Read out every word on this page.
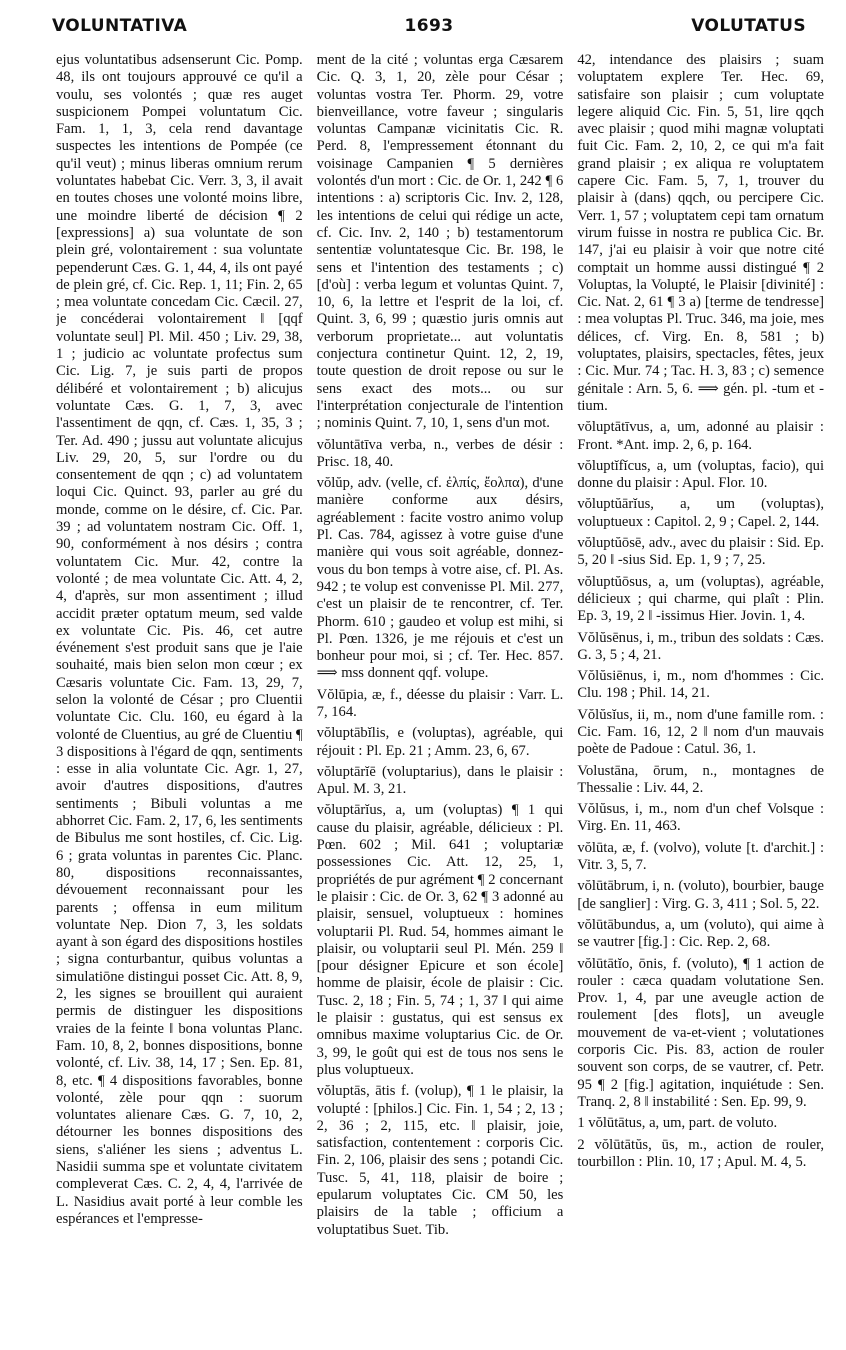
VOLUNTATIVA	1693	VOLUTATUS

ejus voluntatibus adsenserunt Cic. Pomp. 48, ils ont toujours approuvé ce qu'il a voulu, ses volontés ; quæ res auget suspicionem Pompei voluntatum Cic. Fam. 1, 1, 3, cela rend davantage suspectes les intentions de Pompée (ce qu'il veut) ; minus liberas omnium rerum voluntates habebat Cic. Verr. 3, 3, il avait en toutes choses une volonté moins libre, une moindre liberté de décision ¶ 2 [expressions] a) sua voluntate de son plein gré, volontairement : sua voluntate pependerunt Cæs. G. 1, 44, 4, ils ont payé de plein gré, cf. Cic. Rep. 1, 11; Fin. 2, 65 ; mea voluntate concedam Cic. Cæcil. 27, je concéderai volontairement ‖ [qqf voluntate seul] Pl. Mil. 450 ; Liv. 29, 38, 1 ; judicio ac voluntate profectus sum Cic. Lig. 7, je suis parti de propos délibéré et volontairement ; b) alicujus voluntate Cæs. G. 1, 7, 3, avec l'assentiment de qqn, cf. Cæs. 1, 35, 3 ; Ter. Ad. 490 ; jussu aut voluntate alicujus Liv. 29, 20, 5, sur l'ordre ou du consentement de qqn ; c) ad voluntatem loqui Cic. Quinct. 93, parler au gré du monde, comme on le désire, cf. Cic. Par. 39 ; ad voluntatem nostram Cic. Off. 1, 90, conformément à nos désirs ; contra voluntatem Cic. Mur. 42, contre la volonté ; de mea voluntate Cic. Att. 4, 2, 4, d'après, sur mon assentiment ; illud accidit præter optatum meum, sed valde ex voluntate Cic. Pis. 46, cet autre événement s'est produit sans que je l'aie souhaité, mais bien selon mon cœur ; ex Cæsaris voluntate Cic. Fam. 13, 29, 7, selon la volonté de César ; pro Cluentii voluntate Cic. Clu. 160, eu égard à la volonté de Cluentius, au gré de Cluentiu ¶ 3 dispositions à l'égard de qqn, sentiments : esse in alia voluntate Cic. Agr. 1, 27, avoir d'autres dispositions, d'autres sentiments ; Bibuli voluntas a me abhorret Cic. Fam. 2, 17, 6, les sentiments de Bibulus me sont hostiles, cf. Cic. Lig. 6 ; grata voluntas in parentes Cic. Planc. 80, dispositions reconnaissantes, dévouement reconnaissant pour les parents ; offensa in eum militum voluntate Nep. Dion 7, 3, les soldats ayant à son égard des dispositions hostiles ; signa conturbantur, quibus voluntas a simulatiōne distingui posset Cic. Att. 8, 9, 2, les signes se brouillent qui auraient permis de distinguer les dispositions vraies de la feinte ‖ bona voluntas Planc. Fam. 10, 8, 2, bonnes dispositions, bonne volonté, cf. Liv. 38, 14, 17 ; Sen. Ep. 81, 8, etc. ¶ 4 dispositions favorables, bonne volonté, zèle pour qqn : suorum voluntates alienare Cæs. G. 7, 10, 2, détourner les bonnes dispositions des siens, s'aliéner les siens ; adventus L. Nasidii summa spe et voluntate civitatem compleverat Cæs. C. 2, 4, 4, l'arrivée de L. Nasidius avait porté à leur comble les espérances et l'empresse-

ment de la cité ; voluntas erga Cæsarem Cic. Q. 3, 1, 20, zèle pour César ; voluntas vostra Ter. Phorm. 29, votre bienveillance, votre faveur ; singularis voluntas Campanæ vicinitatis Cic. R. Perd. 8, l'empressement étonnant du voisinage Campanien ¶ 5 dernières volontés d'un mort : Cic. de Or. 1, 242 ¶ 6 intentions : a) scriptoris Cic. Inv. 2, 128, les intentions de celui qui rédige un acte, cf. Cic. Inv. 2, 140 ; b) testamentorum sententiæ voluntatesque Cic. Br. 198, le sens et l'intention des testaments ; c) [d'où] : verba legum et voluntas Quint. 7, 10, 6, la lettre et l'esprit de la loi, cf. Quint. 3, 6, 99 ; quæstio juris omnis aut verborum proprietate... aut voluntatis conjectura continetur Quint. 12, 2, 19, toute question de droit repose ou sur le sens exact des mots... ou sur l'interprétation conjecturale de l'intention ; nominis Quint. 7, 10, 1, sens d'un mot.

vŏluntātīva verba, n., verbes de désir : Prisc. 18, 40.

vŏlŭp, adv. (velle, cf. ἐλπίς, ἔολπα), d'une manière conforme aux désirs, agréablement : facite vostro animo volup Pl. Cas. 784, agissez à votre guise d'une manière qui vous soit agréable, donnez-vous du bon temps à votre aise, cf. Pl. As. 942 ; te volup est convenisse Pl. Mil. 277, c'est un plaisir de te rencontrer, cf. Ter. Phorm. 610 ; gaudeo et volup est mihi, si Pl. Pœn. 1326, je me réjouis et c'est un bonheur pour moi, si ; cf. Ter. Hec. 857. ⟹ mss donnent qqf. volupe.

Vŏlūpia, æ, f., déesse du plaisir : Varr. L. 7, 164.

vŏluptābĭlis, e (voluptas), agréable, qui réjouit : Pl. Ep. 21 ; Amm. 23, 6, 67.

vŏluptārĭē (voluptarius), dans le plaisir : Apul. M. 3, 21.

vŏluptārĭus, a, um (voluptas) ¶ 1 qui cause du plaisir, agréable, délicieux : Pl. Pœn. 602 ; Mil. 641 ; voluptariæ possessiones Cic. Att. 12, 25, 1, propriétés de pur agrément ¶ 2 concernant le plaisir : Cic. de Or. 3, 62 ¶ 3 adonné au plaisir, sensuel, voluptueux : homines voluptarii Pl. Rud. 54, hommes aimant le plaisir, ou voluptarii seul Pl. Mén. 259 ‖ [pour désigner Epicure et son école] homme de plaisir, école de plaisir : Cic. Tusc. 2, 18 ; Fin. 5, 74 ; 1, 37 ‖ qui aime le plaisir : gustatus, qui est sensus ex omnibus maxime voluptarius Cic. de Or. 3, 99, le goût qui est de tous nos sens le plus voluptueux.

vŏluptās, ātis f. (volup), ¶ 1 le plaisir, la volupté : [philos.] Cic. Fin. 1, 54 ; 2, 13 ; 2, 36 ; 2, 115, etc. ‖ plaisir, joie, satisfaction, contentement : corporis Cic. Fin. 2, 106, plaisir des sens ; potandi Cic. Tusc. 5, 41, 118, plaisir de boire ; epularum voluptates Cic. CM 50, les plaisirs de la table ; officium a voluptatibus Suet. Tib.

42, intendance des plaisirs ; suam voluptatem explere Ter. Hec. 69, satisfaire son plaisir ; cum voluptate legere aliquid Cic. Fin. 5, 51, lire qqch avec plaisir ; quod mihi magnæ voluptati fuit Cic. Fam. 2, 10, 2, ce qui m'a fait grand plaisir ; ex aliqua re voluptatem capere Cic. Fam. 5, 7, 1, trouver du plaisir à (dans) qqch, ou percipere Cic. Verr. 1, 57 ; voluptatem cepi tam ornatum virum fuisse in nostra re publica Cic. Br. 147, j'ai eu plaisir à voir que notre cité comptait un homme aussi distingué ¶ 2 Voluptas, la Volupté, le Plaisir [divinité] : Cic. Nat. 2, 61 ¶ 3 a) [terme de tendresse] : mea voluptas Pl. Truc. 346, ma joie, mes délices, cf. Virg. En. 8, 581 ; b) voluptates, plaisirs, spectacles, fêtes, jeux : Cic. Mur. 74 ; Tac. H. 3, 83 ; c) semence génitale : Arn. 5, 6. ⟹ gén. pl. -tum et -tium.

vŏluptātīvus, a, um, adonné au plaisir : Front. *Ant. imp. 2, 6, p. 164.

vŏluptĭfĭcus, a, um (voluptas, facio), qui donne du plaisir : Apul. Flor. 10.

vŏluptŭārĭus, a, um (voluptas), voluptueux : Capitol. 2, 9 ; Capel. 2, 144.

vŏluptŭōsē, adv., avec du plaisir : Sid. Ep. 5, 20 ‖ -sius Sid. Ep. 1, 9 ; 7, 25.

vŏluptŭōsus, a, um (voluptas), agréable, délicieux ; qui charme, qui plaît : Plin. Ep. 3, 19, 2 ‖ -issimus Hier. Jovin. 1, 4.

Vŏlŭsēnus, i, m., tribun des soldats : Cæs. G. 3, 5 ; 4, 21.

Vŏlŭsiēnus, i, m., nom d'hommes : Cic. Clu. 198 ; Phil. 14, 21.

Vŏlŭsĭus, ii, m., nom d'une famille rom. : Cic. Fam. 16, 12, 2 ‖ nom d'un mauvais poète de Padoue : Catul. 36, 1.

Volustāna, ōrum, n., montagnes de Thessalie : Liv. 44, 2.

Vŏlŭsus, i, m., nom d'un chef Volsque : Virg. En. 11, 463.

vŏlūta, æ, f. (volvo), volute [t. d'archit.] : Vitr. 3, 5, 7.

vŏlūtābrum, i, n. (voluto), bourbier, bauge [de sanglier] : Virg. G. 3, 411 ; Sol. 5, 22.

vŏlūtābundus, a, um (voluto), qui aime à se vautrer [fig.] : Cic. Rep. 2, 68.

vŏlūtātĭo, ōnis, f. (voluto), ¶ 1 action de rouler : cæca quadam volutatione Sen. Prov. 1, 4, par une aveugle action de roulement [des flots], un aveugle mouvement de va-et-vient ; volutationes corporis Cic. Pis. 83, action de rouler souvent son corps, de se vautrer, cf. Petr. 95 ¶ 2 [fig.] agitation, inquiétude : Sen. Tranq. 2, 8 ‖ instabilité : Sen. Ep. 99, 9.

1 vŏlūtātus, a, um, part. de voluto.

2 vŏlūtātŭs, ūs, m., action de rouler, tourbillon : Plin. 10, 17 ; Apul. M. 4, 5.
